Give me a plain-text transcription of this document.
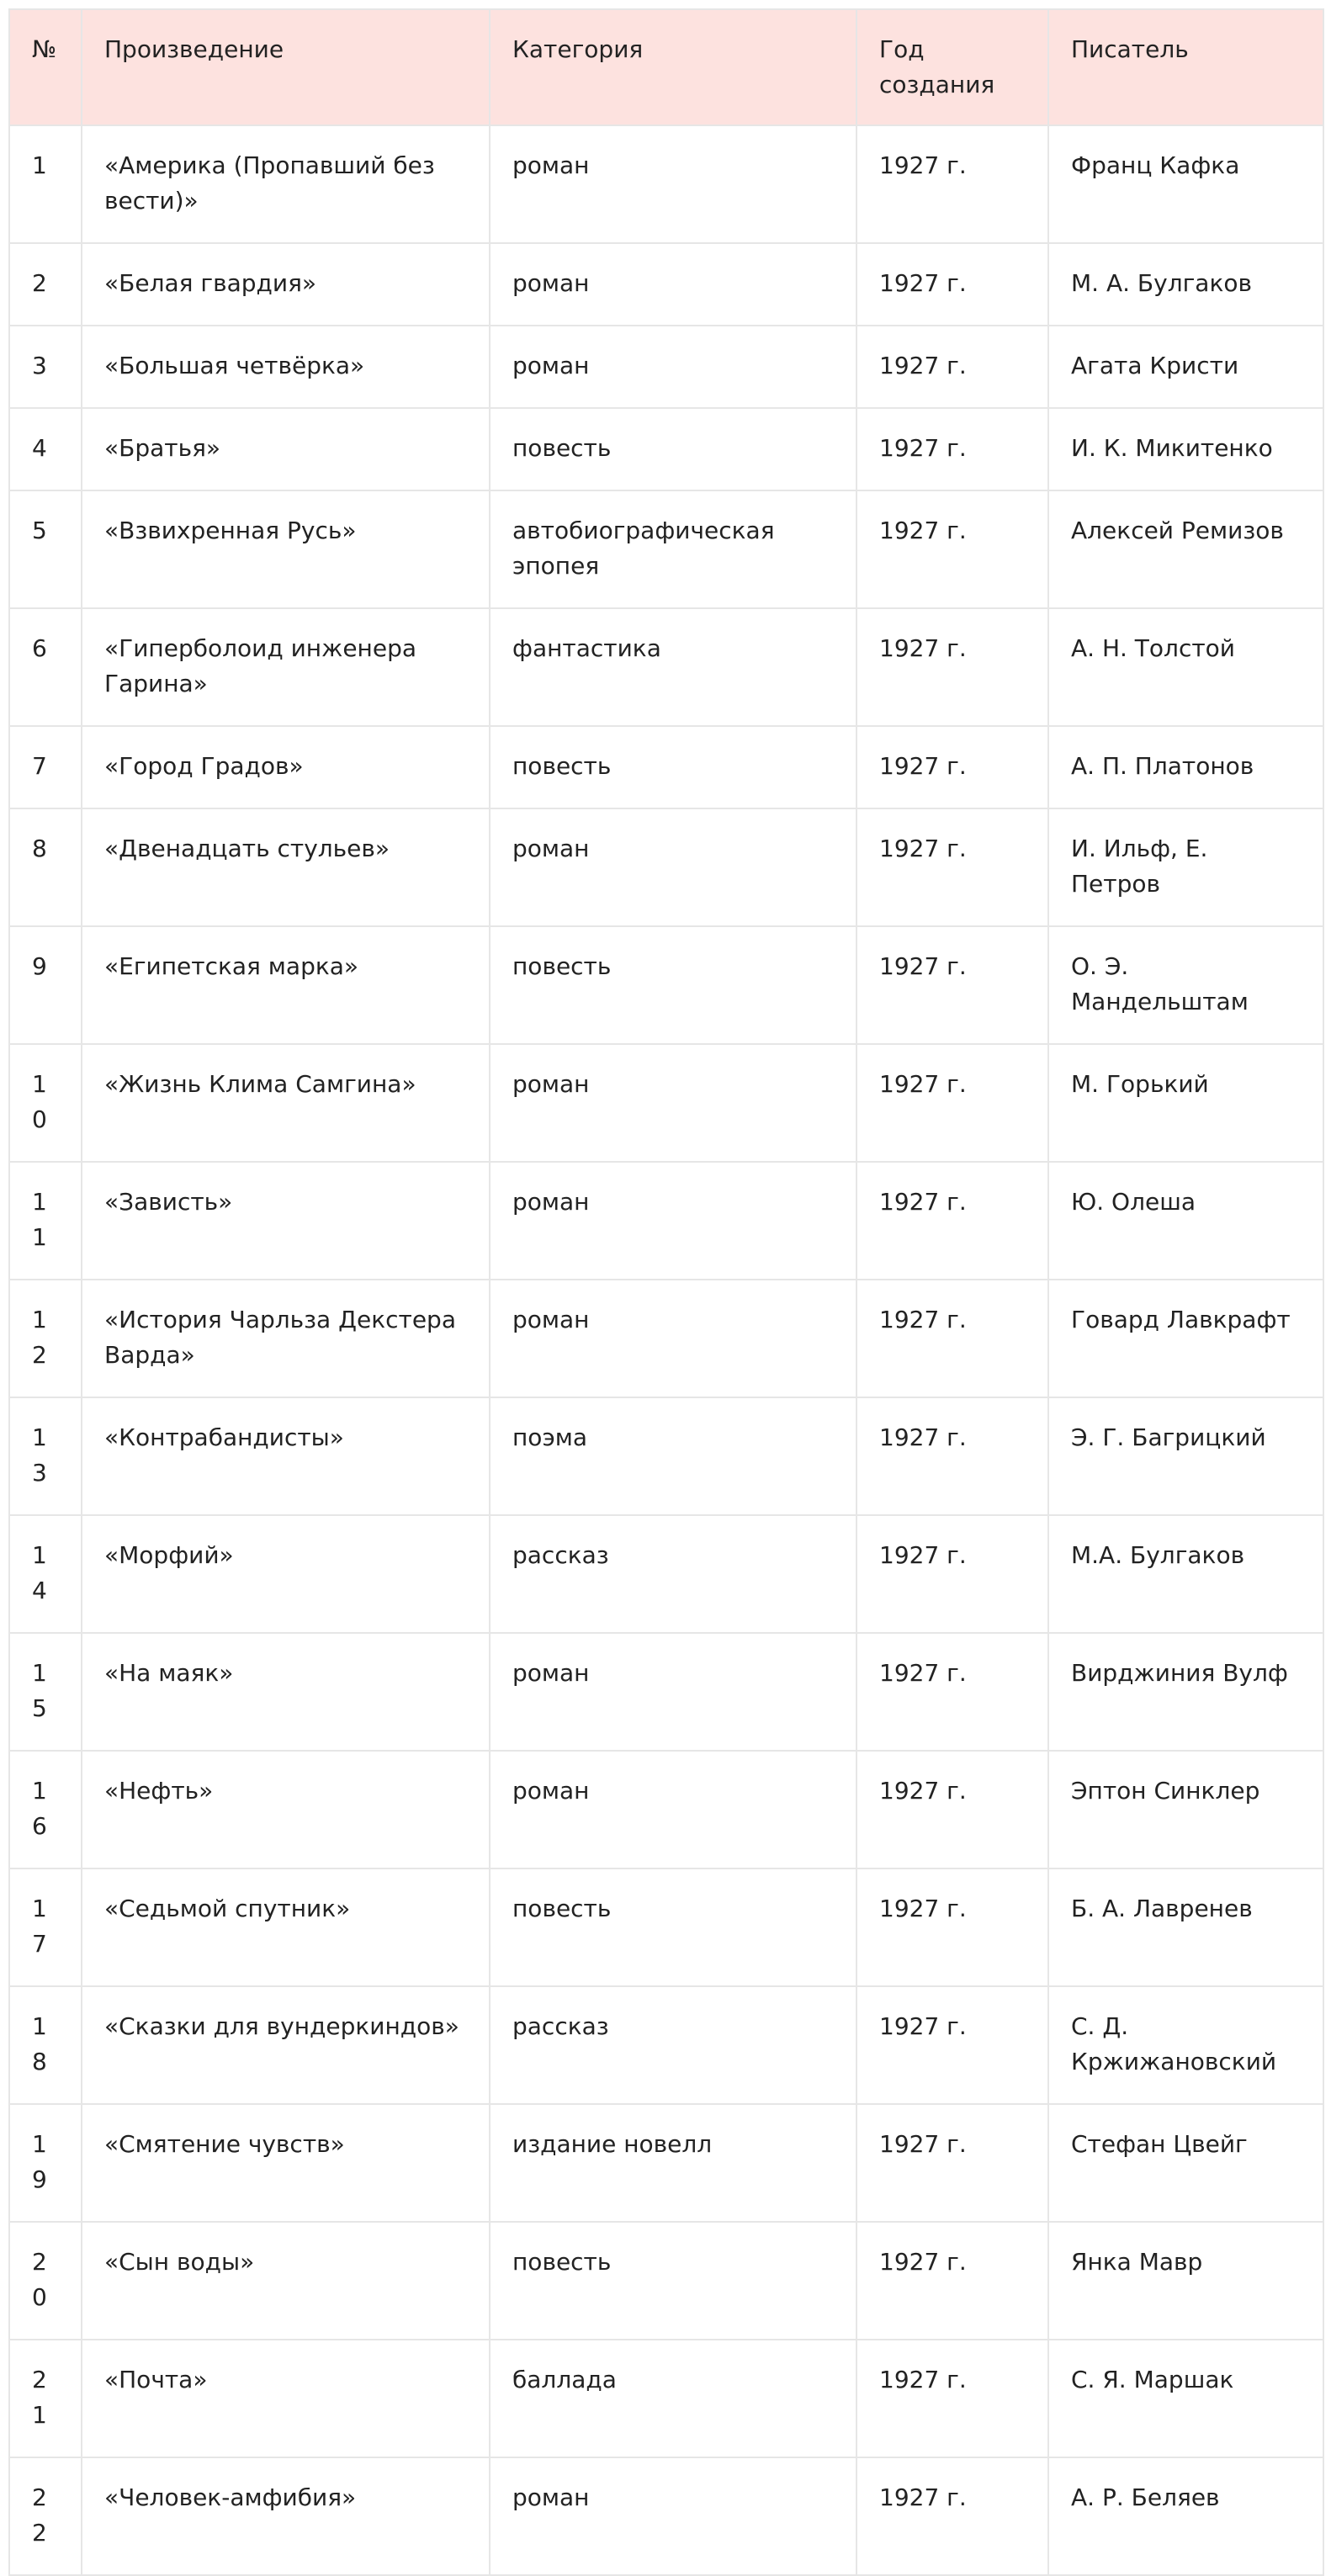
№	Произведение	Категория	Год создания	Писатель
1	«Америка (Пропавший без вести)»	роман	1927 г.	Франц Кафка
2	«Белая гвардия»	роман	1927 г.	М. А. Булгаков
3	«Большая четвёрка»	роман	1927 г.	Агата Кристи
4	«Братья»	повесть	1927 г.	И. К. Микитенко
5	«Взвихренная Русь»	автобиографическая эпопея	1927 г.	Алексей Ремизов
6	«Гиперболоид инженера Гарина»	фантастика	1927 г.	А. Н. Толстой
7	«Город Градов»	повесть	1927 г.	А. П. Платонов
8	«Двенадцать стульев»	роман	1927 г.	И. Ильф, Е. Петров
9	«Египетская марка»	повесть	1927 г.	О. Э. Мандельштам
10	«Жизнь Клима Самгина»	роман	1927 г.	М. Горький
11	«Зависть»	роман	1927 г.	Ю. Олеша
12	«История Чарльза Декстера Варда»	роман	1927 г.	Говард Лавкрафт
13	«Контрабандисты»	поэма	1927 г.	Э. Г. Багрицкий
14	«Морфий»	рассказ	1927 г.	М.А. Булгаков
15	«На маяк»	роман	1927 г.	Вирджиния Вулф
16	«Нефть»	роман	1927 г.	Эптон Синклер
17	«Седьмой спутник»	повесть	1927 г.	Б. А. Лавренев
18	«Сказки для вундеркиндов»	рассказ	1927 г.	С. Д. Кржижановский
19	«Смятение чувств»	издание новелл	1927 г.	Стефан Цвейг
20	«Сын воды»	повесть	1927 г.	Янка Мавр
21	«Почта»	баллада	1927 г.	С. Я. Маршак
22	«Человек-амфибия»	роман	1927 г.	А. Р. Беляев
